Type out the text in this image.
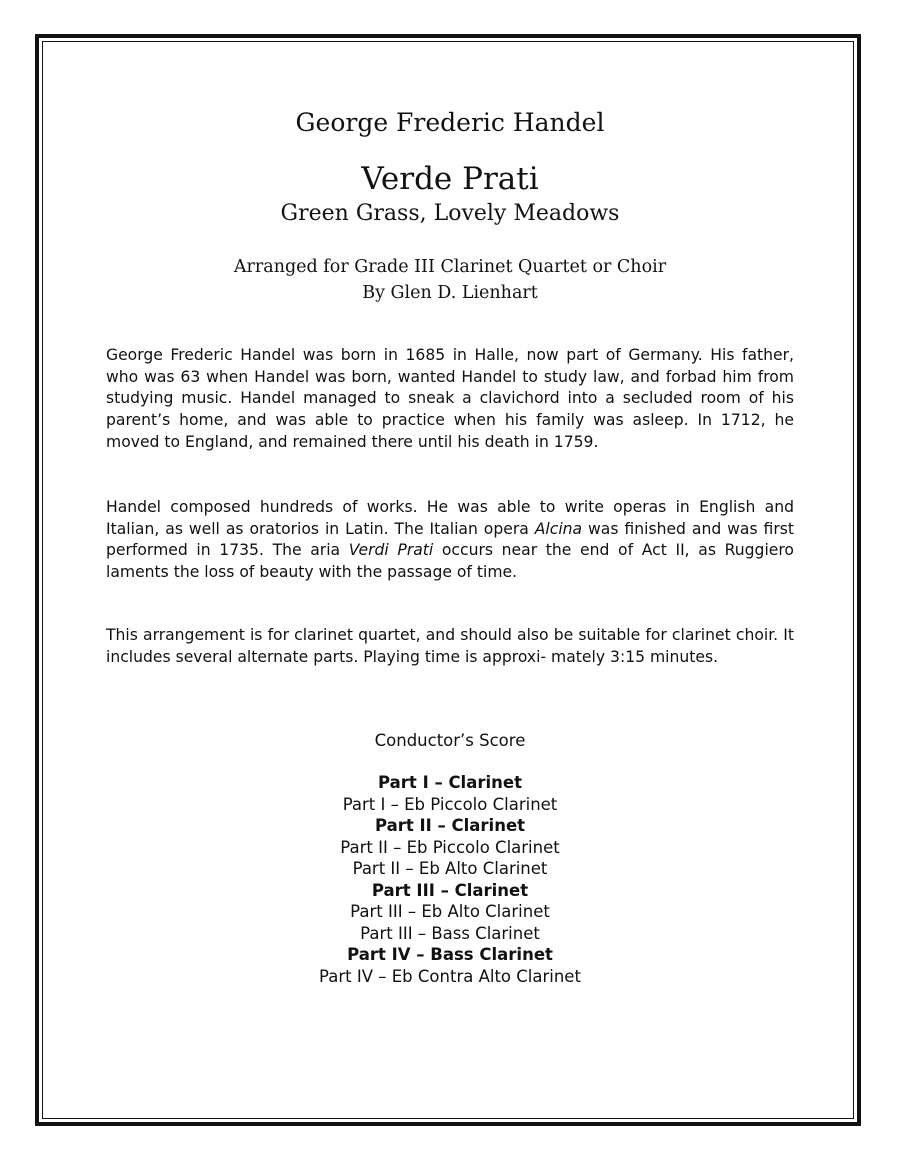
George Frederic Handel
Verde Prati
Green Grass, Lovely Meadows
Arranged for Grade III Clarinet Quartet or Choir
By Glen D. Lienhart

George Frederic Handel was born in 1685 in Halle, now part of Germany. His father, who was 63 when Handel was born, wanted Handel to study law, and forbad him from studying music. Handel managed to sneak a clavichord into a secluded room of his parent’s home, and was able to practice when his family was asleep. In 1712, he moved to England, and remained there until his death in 1759.

Handel composed hundreds of works. He was able to write operas in English and Italian, as well as oratorios in Latin. The Italian opera Alcina was finished and was first performed in 1735. The aria Verdi Prati occurs near the end of Act II, as Ruggiero laments the loss of beauty with the passage of time.

This arrangement is for clarinet quartet, and should also be suitable for clarinet choir. It includes several alternate parts. Playing time is approxi- mately 3:15 minutes.

Conductor’s Score
Part I – Clarinet
Part I – Eb Piccolo Clarinet
Part II – Clarinet
Part II – Eb Piccolo Clarinet
Part II – Eb Alto Clarinet
Part III – Clarinet
Part III – Eb Alto Clarinet
Part III – Bass Clarinet
Part IV – Bass Clarinet
Part IV – Eb Contra Alto Clarinet
